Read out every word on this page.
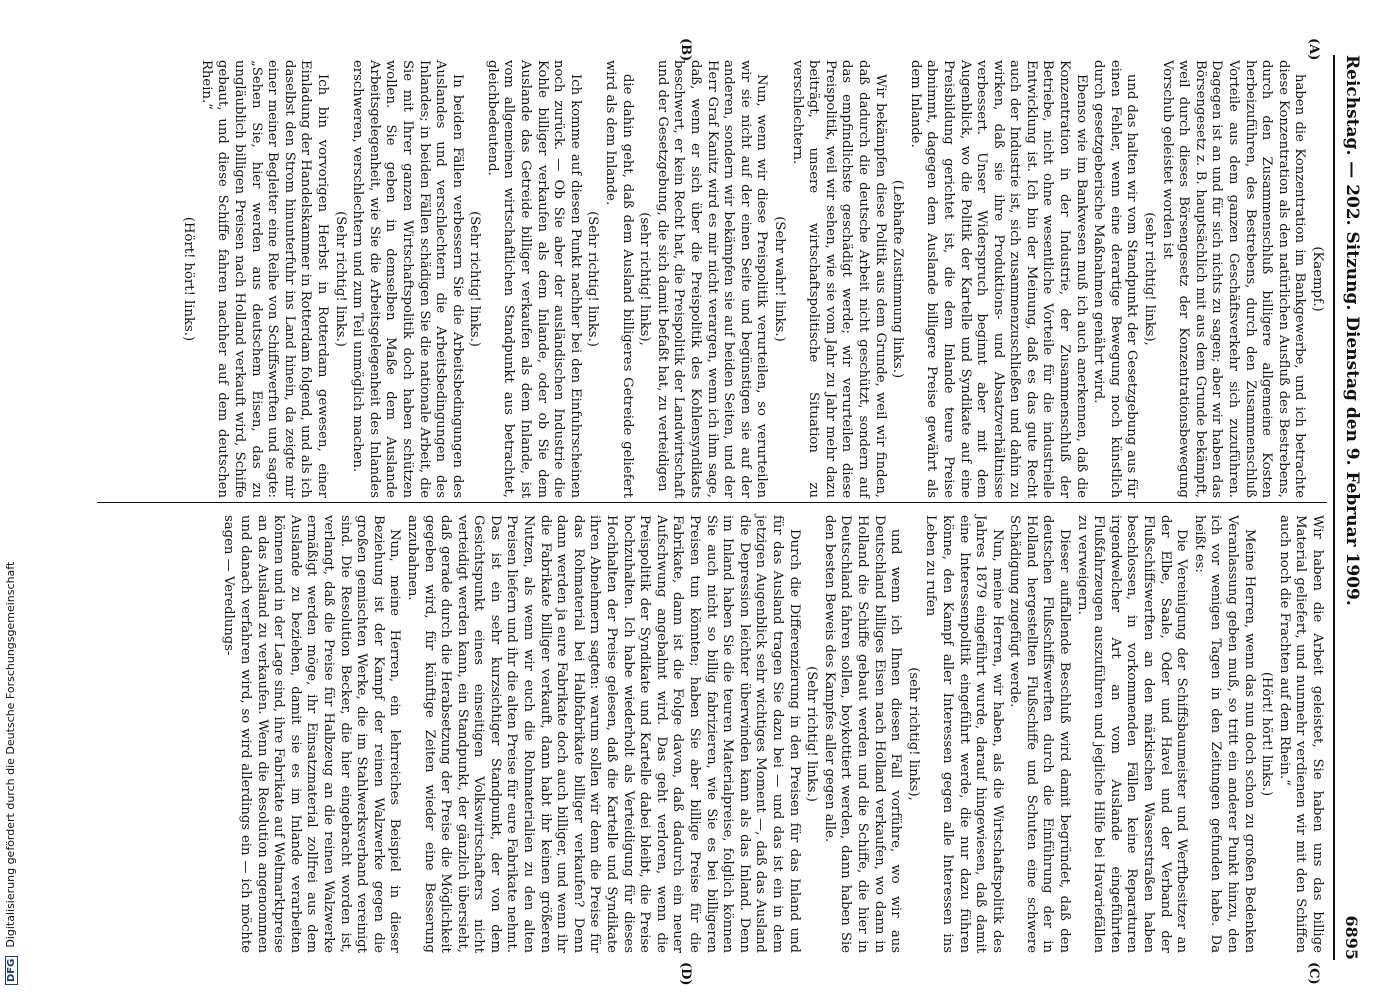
Reichstag. — 202. Sitzung. Dienstag den 9. Februar 1909.
6895
(A)
(B)
(C)
(D)

(Kaempf.)

haben die Konzentration im Bankgewerbe, und ich betrachte diese Konzentration als den natürlichen Ausfluß des Bestrebens, durch den Zusammenschluß billigere allgemeine Kosten herbeizuführen, des Bestrebens, durch den Zusammenschluß Vorteile aus dem ganzen Geschäftsverkehr sich zuzuführen. Dagegen ist an und für sich nichts zu sagen; aber wir haben das Börsengesetz z. B. hauptsächlich mit aus dem Grunde bekämpft, weil durch dieses Börsengesetz der Konzentrationsbewegung Vorschub geleistet worden ist

(sehr richtig! links),

und das halten wir vom Standpunkt der Gesetzgebung aus für einen Fehler, wenn eine derartige Bewegung noch künstlich durch gesetzgeberische Maßnahmen genährt wird.

Ebenso wie im Bankwesen muß ich auch anerkennen, daß die Konzentration in der Industrie, der Zusammenschluß der Betriebe, nicht ohne wesentliche Vorteile für die industrielle Entwicklung ist. Ich bin der Meinung, daß es das gute Recht auch der Industrie ist, sich zusammenzuschließen und dahin zu wirken, daß sie ihre Produktions- und Absatzverhältnisse verbessert. Unser Widerspruch beginnt aber mit dem Augenblick, wo die Politik der Kartelle und Syndikate auf eine Preisbildung gerichtet ist, die dem Inlande teure Preise abnimmt, dagegen dem Auslande billigere Preise gewährt als dem Inlande.

(Lebhafte Zustimmung links.)

Wir bekämpfen diese Politik aus dem Grunde, weil wir finden, daß dadurch die deutsche Arbeit nicht geschützt, sondern auf das empfindlichste geschädigt werde; wir verurteilen diese Preispolitik, weil wir sehen, wie sie vom Jahr zu Jahr mehr dazu beiträgt, unsere wirtschaftspolitische Situation zu verschlechtern.

(Sehr wahr! links.)

Nun, wenn wir diese Preispolitik verurteilen, so verurteilen wir sie nicht auf der einen Seite und begünstigen sie auf der anderen, sondern wir bekämpfen sie auf beiden Seiten, und der Herr Graf Kanitz wird es mir nicht verargen, wenn ich ihm sage, daß, wenn er sich über die Preispolitik des Kohlensyndikats beschwert, er kein Recht hat, die Preispolitik der Landwirtschaft und der Gesetzgebung, die sich damit befaßt hat, zu verteidigen

(sehr richtig! links),

die dahin geht, daß dem Ausland billigeres Getreide geliefert wird als dem Inlande.

(Sehr richtig! links.)

Ich komme auf diesen Punkt nachher bei den Einfuhrscheinen noch zurück. — Ob Sie aber der ausländischen Industrie die Kohle billiger verkaufen als dem Inlande, oder ob Sie dem Auslande das Getreide billiger verkaufen als dem Inlande, ist vom allgemeinen wirtschaftlichen Standpunkt aus betrachtet, gleichbedeutend.

(Sehr richtig! links.)

In beiden Fällen verbessern Sie die Arbeitsbedingungen des Auslandes und verschlechtern die Arbeitsbedingungen des Inlandes; in beiden Fällen schädigen Sie die nationale Arbeit, die Sie mit Ihrer ganzen Wirtschaftspolitik doch haben schützen wollen. Sie geben in demselben Maße dem Auslande Arbeitsgelegenheit, wie Sie die Arbeitsgelegenheit des Inlandes erschweren, verschlechtern und zum Teil unmöglich machen.

(Sehr richtig! links.)

Ich bin vorvorigen Herbst in Rotterdam gewesen, einer Einladung der Handelskammer in Rotterdam folgend, und als ich daselbst den Strom hinunterfuhr ins Land hinein, da zeigte mir einer meiner Begleiter eine Reihe von Schiffswerften und sagte: „Sehen Sie, hier werden aus deutschem Eisen, das zu ungläublich billigen Preisen nach Holland verkauft wird, Schiffe gebaut, und diese Schiffe fahren nachher auf dem deutschen Rhein.“

(Hört! hört! links.)

Wir haben die Arbeit geleistet, Sie haben uns das billige Material geliefert, und nunmehr verdienen wir mit den Schiffen auch noch die Frachten auf dem Rhein.“

(Hört! hört! links.)

Meine Herren, wenn das nun doch schon zu großen Bedenken Veranlassung geben muß, so tritt ein anderer Punkt hinzu, den ich vor wenigen Tagen in den Zeitungen gefunden habe. Da heißt es:

Die Vereinigung der Schiffsbaumeister und Werftbesitzer an der Elbe, Saale, Oder und Havel und der Verband der Flußschiffswerften an den märkischen Wasserstraßen haben beschlossen, in vorkommenden Fällen keine Reparaturen irgendwelcher Art an vom Auslande eingeführten Flußfahrzeugen auszuführen und jegliche Hilfe bei Havariefällen zu verweigern.

Dieser auffallende Beschluß wird damit begründet, daß den deutschen Flußschiffswerften durch die Einführung der in Holland hergestellten Flußschiffe und Schuten eine schwere Schädigung zugefügt werde.

Nun, meine Herren, wir haben, als die Wirtschaftspolitik des Jahres 1879 eingeführt wurde, darauf hingewiesen, daß damit eine Interessenpolitik eingeführt werde, die nur dazu führen könne, den Kampf aller Interessen gegen alle Interessen ins Leben zu rufen

(sehr richtig! links),

und wenn ich Ihnen diesen Fall vorführe, wo wir aus Deutschland billiges Eisen nach Holland verkaufen, wo dann in Holland die Schiffe gebaut werden und die Schiffe, die hier in Deutschland fahren sollen, boykottiert werden, dann haben Sie den besten Beweis des Kampfes aller gegen alle.

(Sehr richtig! links.)

Durch die Differenzierung in den Preisen für das Inland und für das Ausland tragen Sie dazu bei — und das ist ein in dem jetzigen Augenblick sehr wichtiges Moment —, daß das Ausland die Depression leichter überwinden kann als das Inland. Denn im Inland haben Sie die teuren Materialpreise, folglich können Sie auch nicht so billig fabrizieren, wie Sie es bei billigeren Preisen tun könnten; haben Sie aber billige Preise für die Fabrikate, dann ist die Folge davon, daß dadurch ein neuer Aufschwung angebahnt wird. Das geht verloren, wenn die Preispolitik der Syndikate und Kartelle dabei bleibt, die Preise hochzuhalten. Ich habe wiederholt als Verteidigung für dieses Hochhalten der Preise gelesen, daß die Kartelle und Syndikate ihren Abnehmern sagten: warum sollen wir denn die Preise für das Rohmaterial bei Halbfabrikate billiger verkaufen? Denn dann werden ja eure Fabrikate doch auch billiger, und wenn ihr die Fabrikate billiger verkauft, dann habt ihr keinen größeren Nutzen, als wenn wir euch die Rohmaterialien zu den alten Preisen liefern und ihr die alten Preise für eure Fabrikate nehmt. Das ist ein sehr kurzsichtiger Standpunkt, der von dem Gesichtspunkt eines einseitigen Volkswirtschafters nicht verteidigt werden kann, ein Standpunkt, der gänzlich übersieht, daß gerade durch die Herabsetzung der Preise die Möglichkeit gegeben wird, für künftige Zeiten wieder eine Besserung anzubahnen.

Nun, meine Herren, ein lehrreiches Beispiel in dieser Beziehung ist der Kampf der reinen Walzwerke gegen die großen gemischten Werke, die im Stahlwerksverband vereinigt sind. Die Resolution Becker, die hier eingebracht worden ist, verlangt, daß die Preise für Halbzeug an die reinen Walzwerke ermäßigt werden möge, ihr Einsatzmaterial zollfrei aus dem Auslande zu beziehen, damit sie es im Inlande verarbeiten können und in der Lage sind, ihre Fabrikate auf Weltmarktpreise an das Ausland zu verkaufen. Wenn die Resolution angenommen und danach verfahren wird, so wird allerdings ein — ich möchte sagen — Veredlungs-

DFGDigitalisierung gefördert durch die Deutsche Forschungsgemeinschaft
